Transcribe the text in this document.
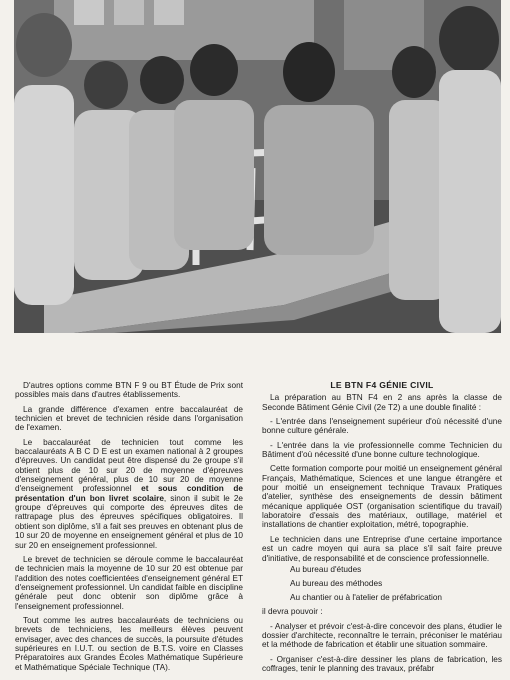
D'autres options comme BTN F 9 ou BT Étude de Prix sont possibles mais dans d'autres établissements.

La grande différence d'examen entre baccalauréat de technicien et brevet de technicien réside dans l'organisation de l'examen.

Le baccalauréat de technicien tout comme les baccalauréats A B C D E est un examen national à 2 groupes d'épreuves. Un candidat peut être dispensé du 2e groupe s'il obtient plus de 10 sur 20 de moyenne d'épreuves d'enseignement général, plus de 10 sur 20 de moyenne d'enseignement professionnel et sous condition de présentation d'un bon livret scolaire, sinon il subit le 2e groupe d'épreuves qui comporte des épreuves dites de rattrapage plus des épreuves spécifiques obligatoires. Il obtient son diplôme, s'il a fait ses preuves en obtenant plus de 10 sur 20 de moyenne en enseignement général et plus de 10 sur 20 en enseignement professionnel.

Le brevet de technicien se déroule comme le baccalauréat de technicien mais la moyenne de 10 sur 20 est obtenue par l'addition des notes coefficientées d'enseignement général ET d'enseignement professionnel. Un candidat faible en discipline générale peut donc obtenir son diplôme grâce à l'enseignement professionnel.

Tout comme les autres baccalauréats de techniciens ou brevets de techniciens, les meilleurs élèves peuvent envisager, avec des chances de succès, la poursuite d'études supérieures en I.U.T. ou section de B.T.S. voire en Classes Préparatoires aux Grandes Écoles Mathématique Supérieure et Mathématique Spéciale Technique (TA).

LE BTN F4 GÉNIE CIVIL

La préparation au BTN F4 en 2 ans après la classe de Seconde Bâtiment Génie Civil (2e T2) a une double finalité :

- L'entrée dans l'enseignement supérieur d'où nécessité d'une bonne culture générale.

- L'entrée dans la vie professionnelle comme Technicien du Bâtiment d'où nécessité d'une bonne culture technologique.

Cette formation comporte pour moitié un enseignement général Français, Mathématique, Sciences et une langue étrangère et pour moitié un enseignement technique Travaux Pratiques d'atelier, synthèse des enseignements de dessin bâtiment mécanique appliquée OST (organisation scientifique du travail) laboratoire d'essais des matériaux, outillage, matériel et installations de chantier exploitation, métré, topographie.

Le technicien dans une Entreprise d'une certaine importance est un cadre moyen qui aura sa place s'il sait faire preuve d'initiative, de responsabilité et de conscience professionnelle.

Au bureau d'études

Au bureau des méthodes

Au chantier ou à l'atelier de préfabrication

il devra pouvoir :

- Analyser et prévoir c'est-à-dire concevoir des plans, étudier le dossier d'architecte, reconnaître le terrain, préconiser le matériau et la méthode de fabrication et établir une situation sommaire.

- Organiser c'est-à-dire dessiner les plans de fabrication, les coffrages, tenir le planning des travaux, préfabr
